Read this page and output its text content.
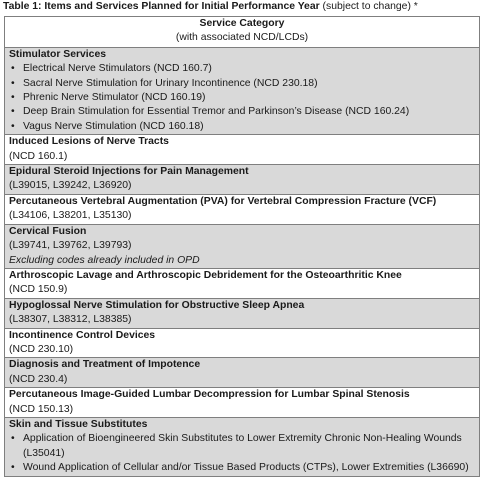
Table 1: Items and Services Planned for Initial Performance Year (subject to change) *
Service Category
(with associated NCD/LCDs)

Stimulator Services
• Electrical Nerve Stimulators (NCD 160.7)
• Sacral Nerve Stimulation for Urinary Incontinence (NCD 230.18)
• Phrenic Nerve Stimulator (NCD 160.19)
• Deep Brain Stimulation for Essential Tremor and Parkinson’s Disease (NCD 160.24)
• Vagus Nerve Stimulation (NCD 160.18)

Induced Lesions of Nerve Tracts
(NCD 160.1)

Epidural Steroid Injections for Pain Management
(L39015, L39242, L36920)

Percutaneous Vertebral Augmentation (PVA) for Vertebral Compression Fracture (VCF)
(L34106, L38201, L35130)

Cervical Fusion
(L39741, L39762, L39793)
Excluding codes already included in OPD

Arthroscopic Lavage and Arthroscopic Debridement for the Osteoarthritic Knee
(NCD 150.9)

Hypoglossal Nerve Stimulation for Obstructive Sleep Apnea
(L38307, L38312, L38385)

Incontinence Control Devices
(NCD 230.10)

Diagnosis and Treatment of Impotence
(NCD 230.4)

Percutaneous Image-Guided Lumbar Decompression for Lumbar Spinal Stenosis
(NCD 150.13)

Skin and Tissue Substitutes
• Application of Bioengineered Skin Substitutes to Lower Extremity Chronic Non-Healing Wounds (L35041)
• Wound Application of Cellular and/or Tissue Based Products (CTPs), Lower Extremities (L36690)
